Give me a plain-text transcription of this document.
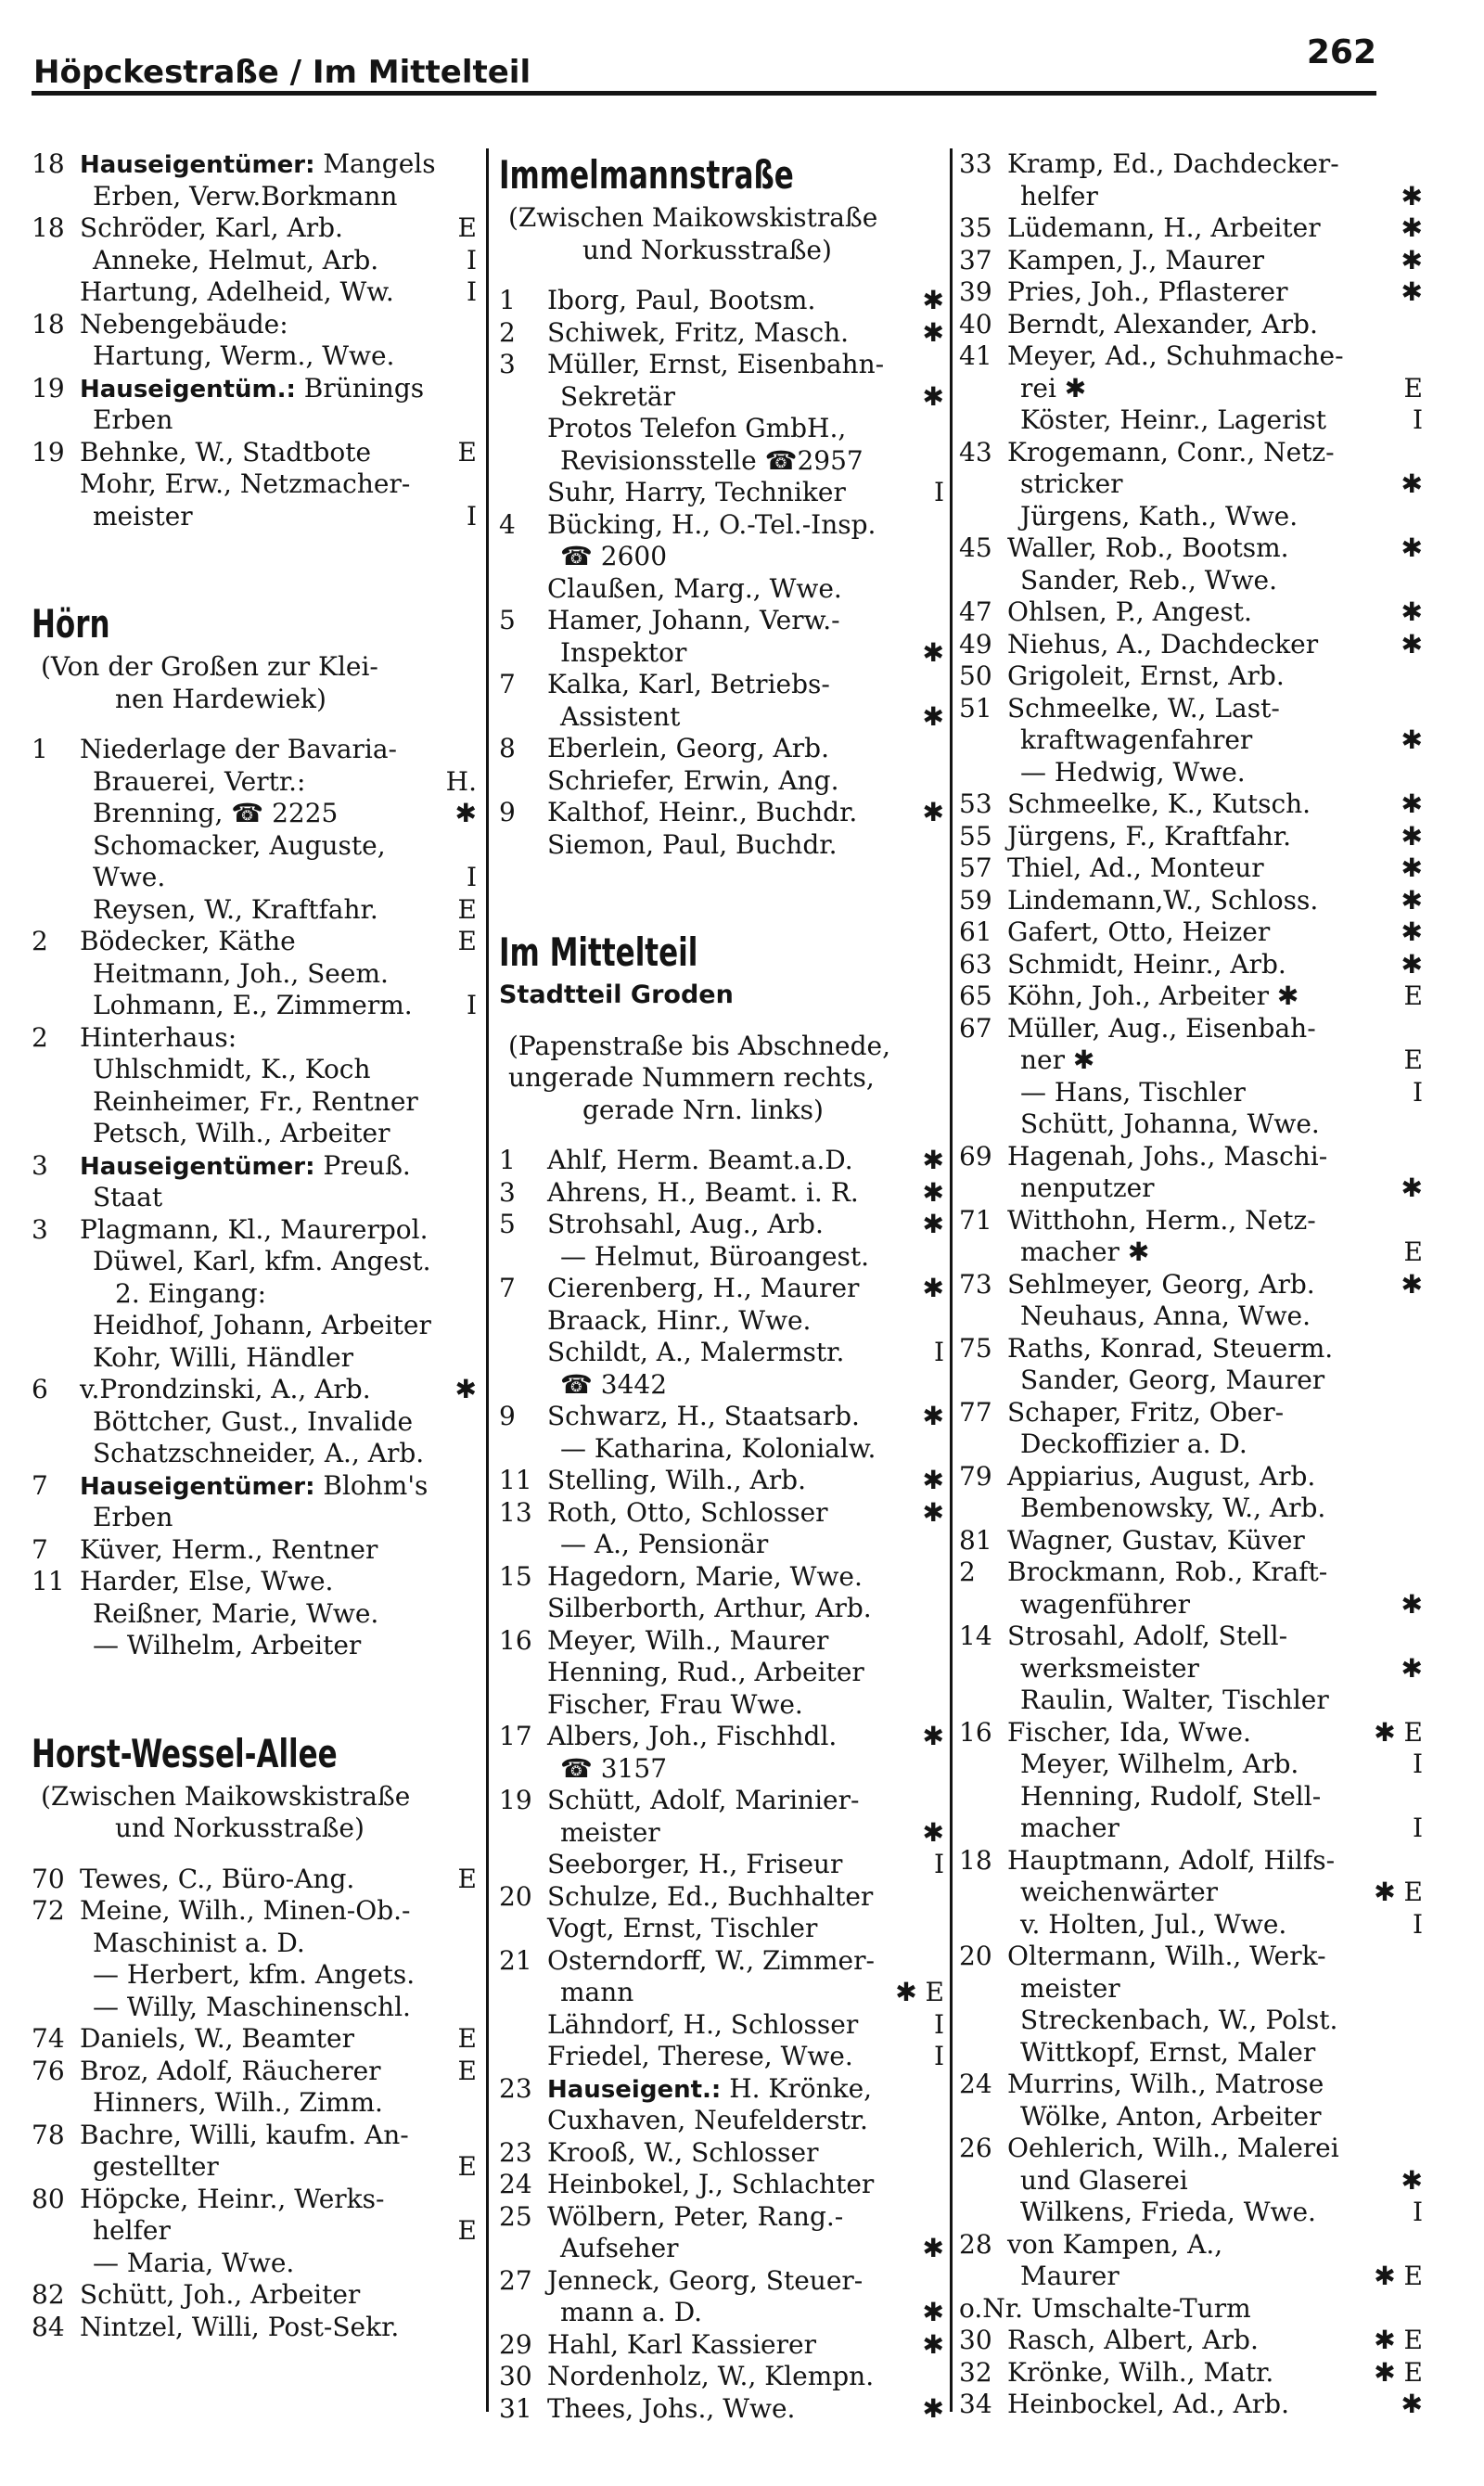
Höpckestraße / Im Mittelteil
262
18 Hauseigentümer: Mangels
Erben, Verw.Borkmann
18 Schröder, Karl, Arb.	E
Anneke, Helmut, Arb.	I
Hartung, Adelheid, Ww.	I
18 Nebengebäude:
Hartung, Werm., Wwe.
19 Hauseigentüm.: Brünings
Erben
19 Behnke, W., Stadtbote	E
Mohr, Erw., Netzmacher-
meister	I
Hörn
(Von der Großen zur Klei-
nen Hardewiek)
1 Niederlage der Bavaria-
Brauerei, Vertr.:	H.
Brenning, ☎ 2225	✱
Schomacker, Auguste,
Wwe.	I
Reysen, W., Kraftfahr.	E
2 Bödecker, Käthe	E
Heitmann, Joh., Seem.
Lohmann, E., Zimmerm. I
2 Hinterhaus:
Uhlschmidt, K., Koch
Reinheimer, Fr., Rentner
Petsch, Wilh., Arbeiter
3 Hauseigentümer: Preuß.
Staat
3 Plagmann, Kl., Maurerpol.
Düwel, Karl, kfm. Angest.
2. Eingang:
Heidhof, Johann, Arbeiter
Kohr, Willi, Händler
6 v.Prondzinski, A., Arb.	✱
Böttcher, Gust., Invalide
Schatzschneider, A., Arb.
7 Hauseigentümer: Blohm's
Erben
7 Küver, Herm., Rentner
11 Harder, Else, Wwe.
Reißner, Marie, Wwe.
— Wilhelm, Arbeiter
Horst-Wessel-Allee
(Zwischen Maikowskistraße
und Norkusstraße)
70 Tewes, C., Büro-Ang.	E
72 Meine, Wilh., Minen-Ob.-
Maschinist a. D.
— Herbert, kfm. Angets.
— Willy, Maschinenschl.
74 Daniels, W., Beamter	E
76 Broz, Adolf, Räucherer	E
Hinners, Wilh., Zimm.
78 Bachre, Willi, kaufm. An-
gestellter	E
80 Höpcke, Heinr., Werks-
helfer	E
— Maria, Wwe.
82 Schütt, Joh., Arbeiter
84 Nintzel, Willi, Post-Sekr.
Immelmannstraße
(Zwischen Maikowskistraße
und Norkusstraße)
1 Iborg, Paul, Bootsm.	✱
2 Schiwek, Fritz, Masch.	✱
3 Müller, Ernst, Eisenbahn-
Sekretär	✱
Protos Telefon GmbH.,
Revisionsstelle ☎2957
Suhr, Harry, Techniker	I
4 Bücking, H., O.-Tel.-Insp.
☎ 2600
Claußen, Marg., Wwe.
5 Hamer, Johann, Verw.-
Inspektor	✱
7 Kalka, Karl, Betriebs-
Assistent	✱
8 Eberlein, Georg, Arb.
Schriefer, Erwin, Ang.
9 Kalthof, Heinr., Buchdr.	✱
Siemon, Paul, Buchdr.
Im Mittelteil
Stadtteil Groden
(Papenstraße bis Abschnede,
ungerade Nummern rechts,
gerade Nrn. links)
1 Ahlf, Herm. Beamt.a.D.	✱
3 Ahrens, H., Beamt. i. R. ✱
5 Strohsahl, Aug., Arb.	✱
— Helmut, Büroangest.
7 Cierenberg, H., Maurer ✱
Braack, Hinr., Wwe.
Schildt, A., Malermstr.	I
☎ 3442
9 Schwarz, H., Staatsarb. ✱
— Katharina, Kolonialw.
11 Stelling, Wilh., Arb.	✱
13 Roth, Otto, Schlosser	✱
— A., Pensionär
15 Hagedorn, Marie, Wwe.
Silberborth, Arthur, Arb.
16 Meyer, Wilh., Maurer
Henning, Rud., Arbeiter
Fischer, Frau Wwe.
17 Albers, Joh., Fischhdl.	✱
☎ 3157
19 Schütt, Adolf, Marinier-
meister	✱
Seeborger, H., Friseur	I
20 Schulze, Ed., Buchhalter
Vogt, Ernst, Tischler
21 Osterndorff, W., Zimmer-
mann	✱ E
Lähndorf, H., Schlosser	I
Friedel, Therese, Wwe.	I
23 Hauseigent.: H. Krönke,
Cuxhaven, Neufelderstr.
23 Krooß, W., Schlosser
24 Heinbokel, J., Schlachter
25 Wölbern, Peter, Rang.-
Aufseher	✱
27 Jenneck, Georg, Steuer-
mann a. D.	✱
29 Hahl, Karl Kassierer	✱
30 Nordenholz, W., Klempn.
31 Thees, Johs., Wwe.	✱
33 Kramp, Ed., Dachdecker-
helfer	✱
35 Lüdemann, H., Arbeiter	✱
37 Kampen, J., Maurer	✱
39 Pries, Joh., Pflasterer	✱
40 Berndt, Alexander, Arb.
41 Meyer, Ad., Schuhmache-
rei ✱	E
Köster, Heinr., Lagerist	I
43 Krogemann, Conr., Netz-
stricker	✱
Jürgens, Kath., Wwe.
45 Waller, Rob., Bootsm.	✱
Sander, Reb., Wwe.
47 Ohlsen, P., Angest.	✱
49 Niehus, A., Dachdecker	✱
50 Grigoleit, Ernst, Arb.
51 Schmeelke, W., Last-
kraftwagenfahrer	✱
— Hedwig, Wwe.
53 Schmeelke, K., Kutsch.	✱
55 Jürgens, F., Kraftfahr.	✱
57 Thiel, Ad., Monteur	✱
59 Lindemann,W., Schloss.	✱
61 Gafert, Otto, Heizer	✱
63 Schmidt, Heinr., Arb.	✱
65 Köhn, Joh., Arbeiter ✱	E
67 Müller, Aug., Eisenbah-
ner ✱	E
— Hans, Tischler	I
Schütt, Johanna, Wwe.
69 Hagenah, Johs., Maschi-
nenputzer	✱
71 Witthohn, Herm., Netz-
macher ✱	E
73 Sehlmeyer, Georg, Arb.	✱
Neuhaus, Anna, Wwe.
75 Raths, Konrad, Steuerm.
Sander, Georg, Maurer
77 Schaper, Fritz, Ober-
Deckoffizier a. D.
79 Appiarius, August, Arb.
Bembenowsky, W., Arb.
81 Wagner, Gustav, Küver
2 Brockmann, Rob., Kraft-
wagenführer	✱
14 Strosahl, Adolf, Stell-
werksmeister	✱
Raulin, Walter, Tischler
16 Fischer, Ida, Wwe.	✱ E
Meyer, Wilhelm, Arb.	I
Henning, Rudolf, Stell-
macher	I
18 Hauptmann, Adolf, Hilfs-
weichenwärter	✱ E
v. Holten, Jul., Wwe.	I
20 Oltermann, Wilh., Werk-
meister
Streckenbach, W., Polst.
Wittkopf, Ernst, Maler
24 Murrins, Wilh., Matrose
Wölke, Anton, Arbeiter
26 Oehlerich, Wilh., Malerei
und Glaserei	✱
Wilkens, Frieda, Wwe.	I
28 von Kampen, A.,
Maurer	✱ E
o.Nr. Umschalte-Turm
30 Rasch, Albert, Arb.	✱ E
32 Krönke, Wilh., Matr.	✱ E
34 Heinbockel, Ad., Arb.	✱
